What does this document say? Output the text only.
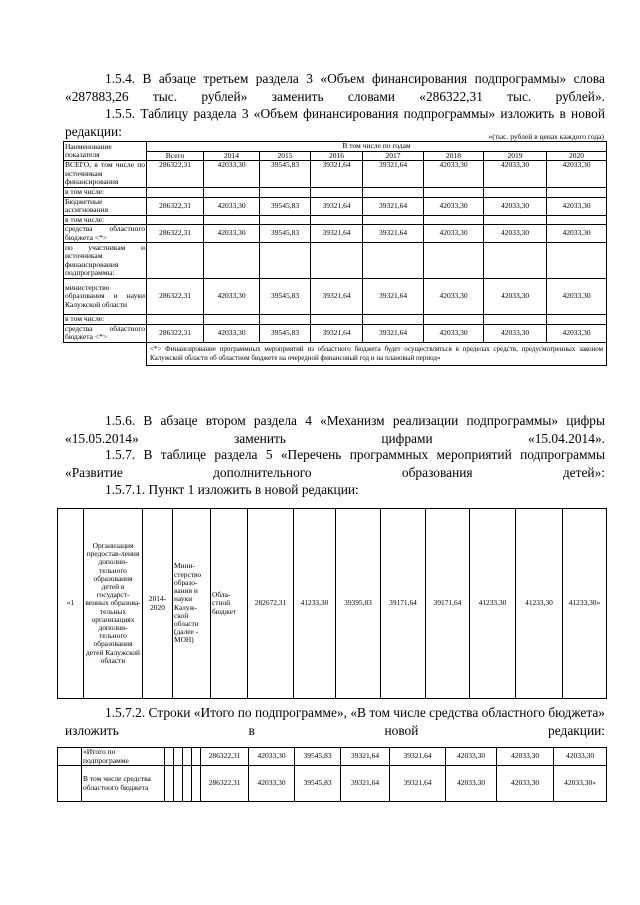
1.5.4. В абзаце третьем раздела 3 «Объем финансирования подпрограммы» слова «287883,26 тыс. рублей» заменить словами «286322,31 тыс. рублей».
1.5.5. Таблицу раздела 3 «Объем финансирования подпрограммы» изложить в новой редакции:	»(тыс. рублей в ценах каждого года)
Наименование показателя	В том числе по годам							
	Всего	2014	2015	2016	2017	2018	2019	2020
ВСЕГО, в том числе по источникам финансирования	286322,31	42033,30	39545,83	39321,64	39321,64	42033,30	42033,30	42033,30
в том числе:								
Бюджетные ассигнования	286322,31	42033,30	39545,83	39321,64	39321,64	42033,30	42033,30	42033,30
в том числе:								
средства областного бюджета <*>	286322,31	42033,30	39545,83	39321,64	39321,64	42033,30	42033,30	42033,30
по участникам и источникам финансирования подпрограммы:								
министерство образования и науки Калужской области	286322,31	42033,30	39545,83	39321,64	39321,64	42033,30	42033,30	42033,30
в том числе:								
средства областного бюджета <*>	286322,31	42033,30	39545,83	39321,64	39321,64	42033,30	42033,30	42033,30
	<*> Финансирование программных мероприятий из областного бюджета будет осуществляться в пределах средств, предусмотренных законом Калужской области об областном бюджете на очередной финансовый год и на плановый период»							
1.5.6. В абзаце втором раздела 4 «Механизм реализации подпрограммы» цифры «15.05.2014» заменить цифрами «15.04.2014».
1.5.7. В таблице раздела 5 «Перечень программных мероприятий подпрограммы «Развитие дополнительного образования детей»:
1.5.7.1. Пункт 1 изложить в новой редакции:
«1	Организация предостав-ления дополни-тельного образования детей в государст-венных образова-тельных организациях дополни-тельного образования детей Калужской области	2014-2020	Мини-стерство образо-вания и науки Калуж-ской области (далее - МОН)	Обла-стной бюджет	282672,31	41233,30	39395,83	39171,64	39171,64	41233,30	41233,30	41233,30»
1.5.7.2. Строки «Итого по подпрограмме», «В том числе средства областного бюджета» изложить в новой редакции:
	«Итого по подпрограмме					286322,31	42033,30	39545,83	39321,64	39321,64	42033,30	42033,30	42033,30
	В том числе средства областного бюджета					286322,31	42033,30	39545,83	39321,64	39321,64	42033,30	42033,30	42033,30»
